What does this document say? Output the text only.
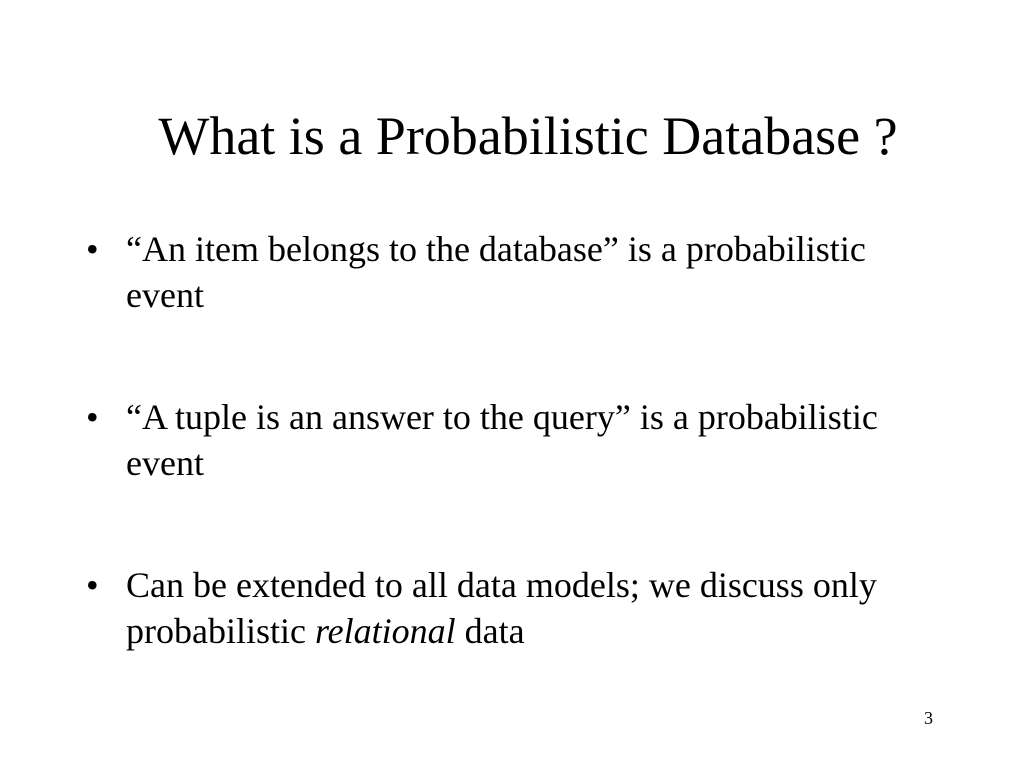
What is a Probabilistic Database ?
• “An item belongs to the database” is a probabilistic event
• “A tuple is an answer to the query” is a probabilistic event
• Can be extended to all data models; we discuss only probabilistic relational data
3
